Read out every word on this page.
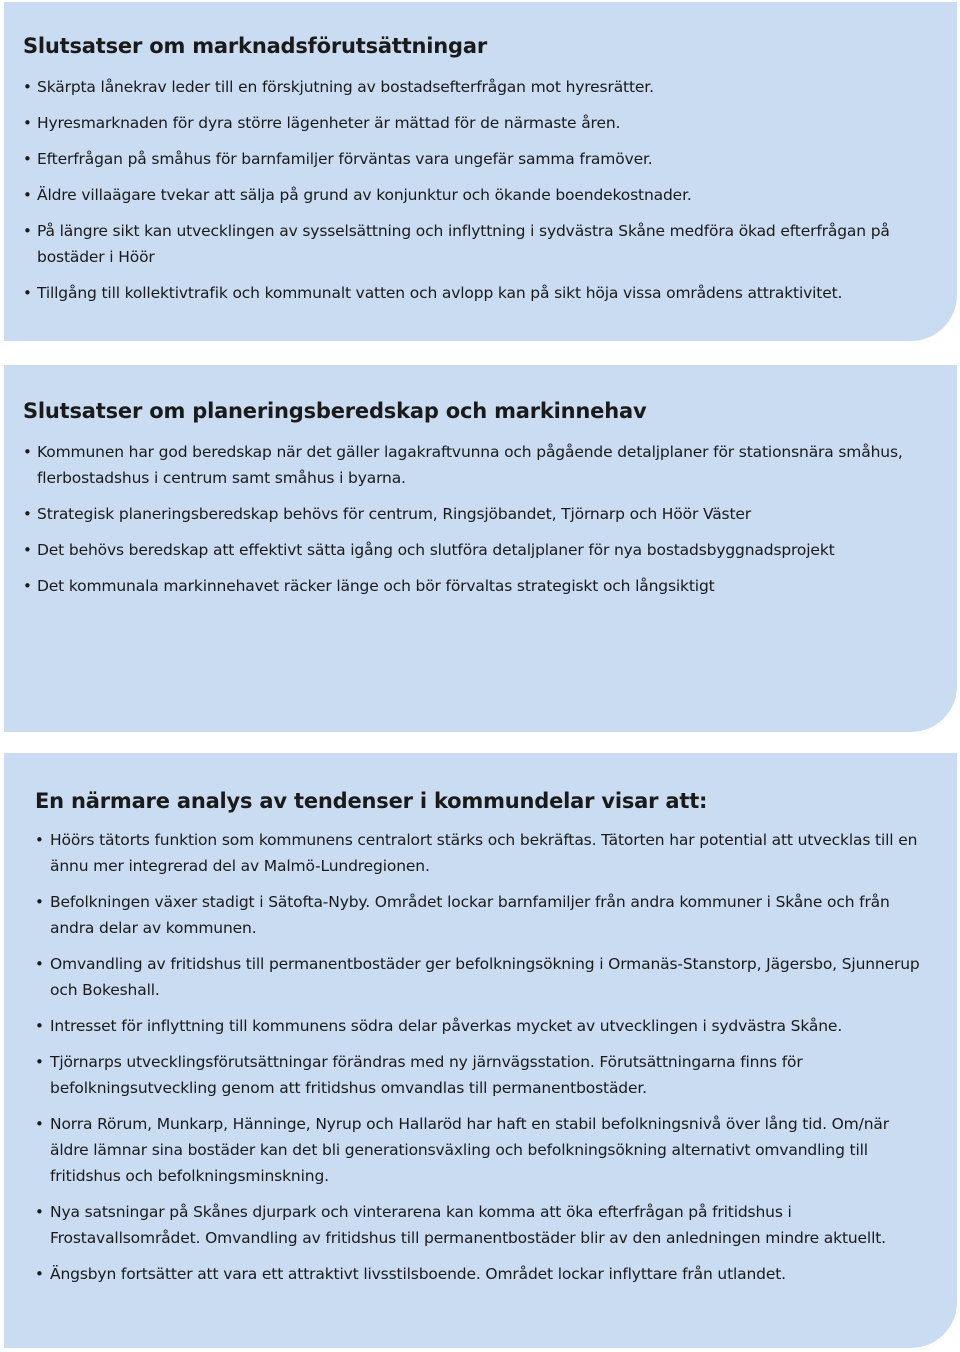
Slutsatser om marknadsförutsättningar
• Skärpta lånekrav leder till en förskjutning av bostadsefterfrågan mot hyresrätter.
• Hyresmarknaden för dyra större lägenheter är mättad för de närmaste åren.
• Efterfrågan på småhus för barnfamiljer förväntas vara ungefär samma framöver.
• Äldre villaägare tvekar att sälja på grund av konjunktur och ökande boendekostnader.
• På längre sikt kan utvecklingen av sysselsättning och inflyttning i sydvästra Skåne medföra ökad efterfrågan på bostäder i Höör
• Tillgång till kollektivtrafik och kommunalt vatten och avlopp kan på sikt höja vissa områdens attraktivitet.
Slutsatser om planeringsberedskap och markinnehav
• Kommunen har god beredskap när det gäller lagakraftvunna och pågående detaljplaner för stationsnära småhus, flerbostadshus i centrum samt småhus i byarna.
• Strategisk planeringsberedskap behövs för centrum, Ringsjöbandet, Tjörnarp och Höör Väster
• Det behövs beredskap att effektivt sätta igång och slutföra detaljplaner för nya bostadsbyggnadsprojekt
• Det kommunala markinnehavet räcker länge och bör förvaltas strategiskt och långsiktigt
En närmare analys av tendenser i kommundelar visar att:
• Höörs tätorts funktion som kommunens centralort stärks och bekräftas. Tätorten har potential att utvecklas till en ännu mer integrerad del av Malmö-Lundregionen.
• Befolkningen växer stadigt i Sätofta-Nyby. Området lockar barnfamiljer från andra kommuner i Skåne och från andra delar av kommunen.
• Omvandling av fritidshus till permanentbostäder ger befolkningsökning i Ormanäs-Stanstorp, Jägersbo, Sjunnerup och Bokeshall.
• Intresset för inflyttning till kommunens södra delar påverkas mycket av utvecklingen i sydvästra Skåne.
• Tjörnarps utvecklingsförutsättningar förändras med ny järnvägsstation. Förutsättningarna finns för befolkningsutveckling genom att fritidshus omvandlas till permanentbostäder.
• Norra Rörum, Munkarp, Hänninge, Nyrup och Hallaröd har haft en stabil befolkningsnivå över lång tid. Om/när äldre lämnar sina bostäder kan det bli generationsväxling och befolkningsökning alternativt omvandling till fritidshus och befolkningsminskning.
• Nya satsningar på Skånes djurpark och vinterarena kan komma att öka efterfrågan på fritidshus i Frostavallsområdet. Omvandling av fritidshus till permanentbostäder blir av den anledningen mindre aktuellt.
• Ängsbyn fortsätter att vara ett attraktivt livsstilsboende. Området lockar inflyttare från utlandet.
